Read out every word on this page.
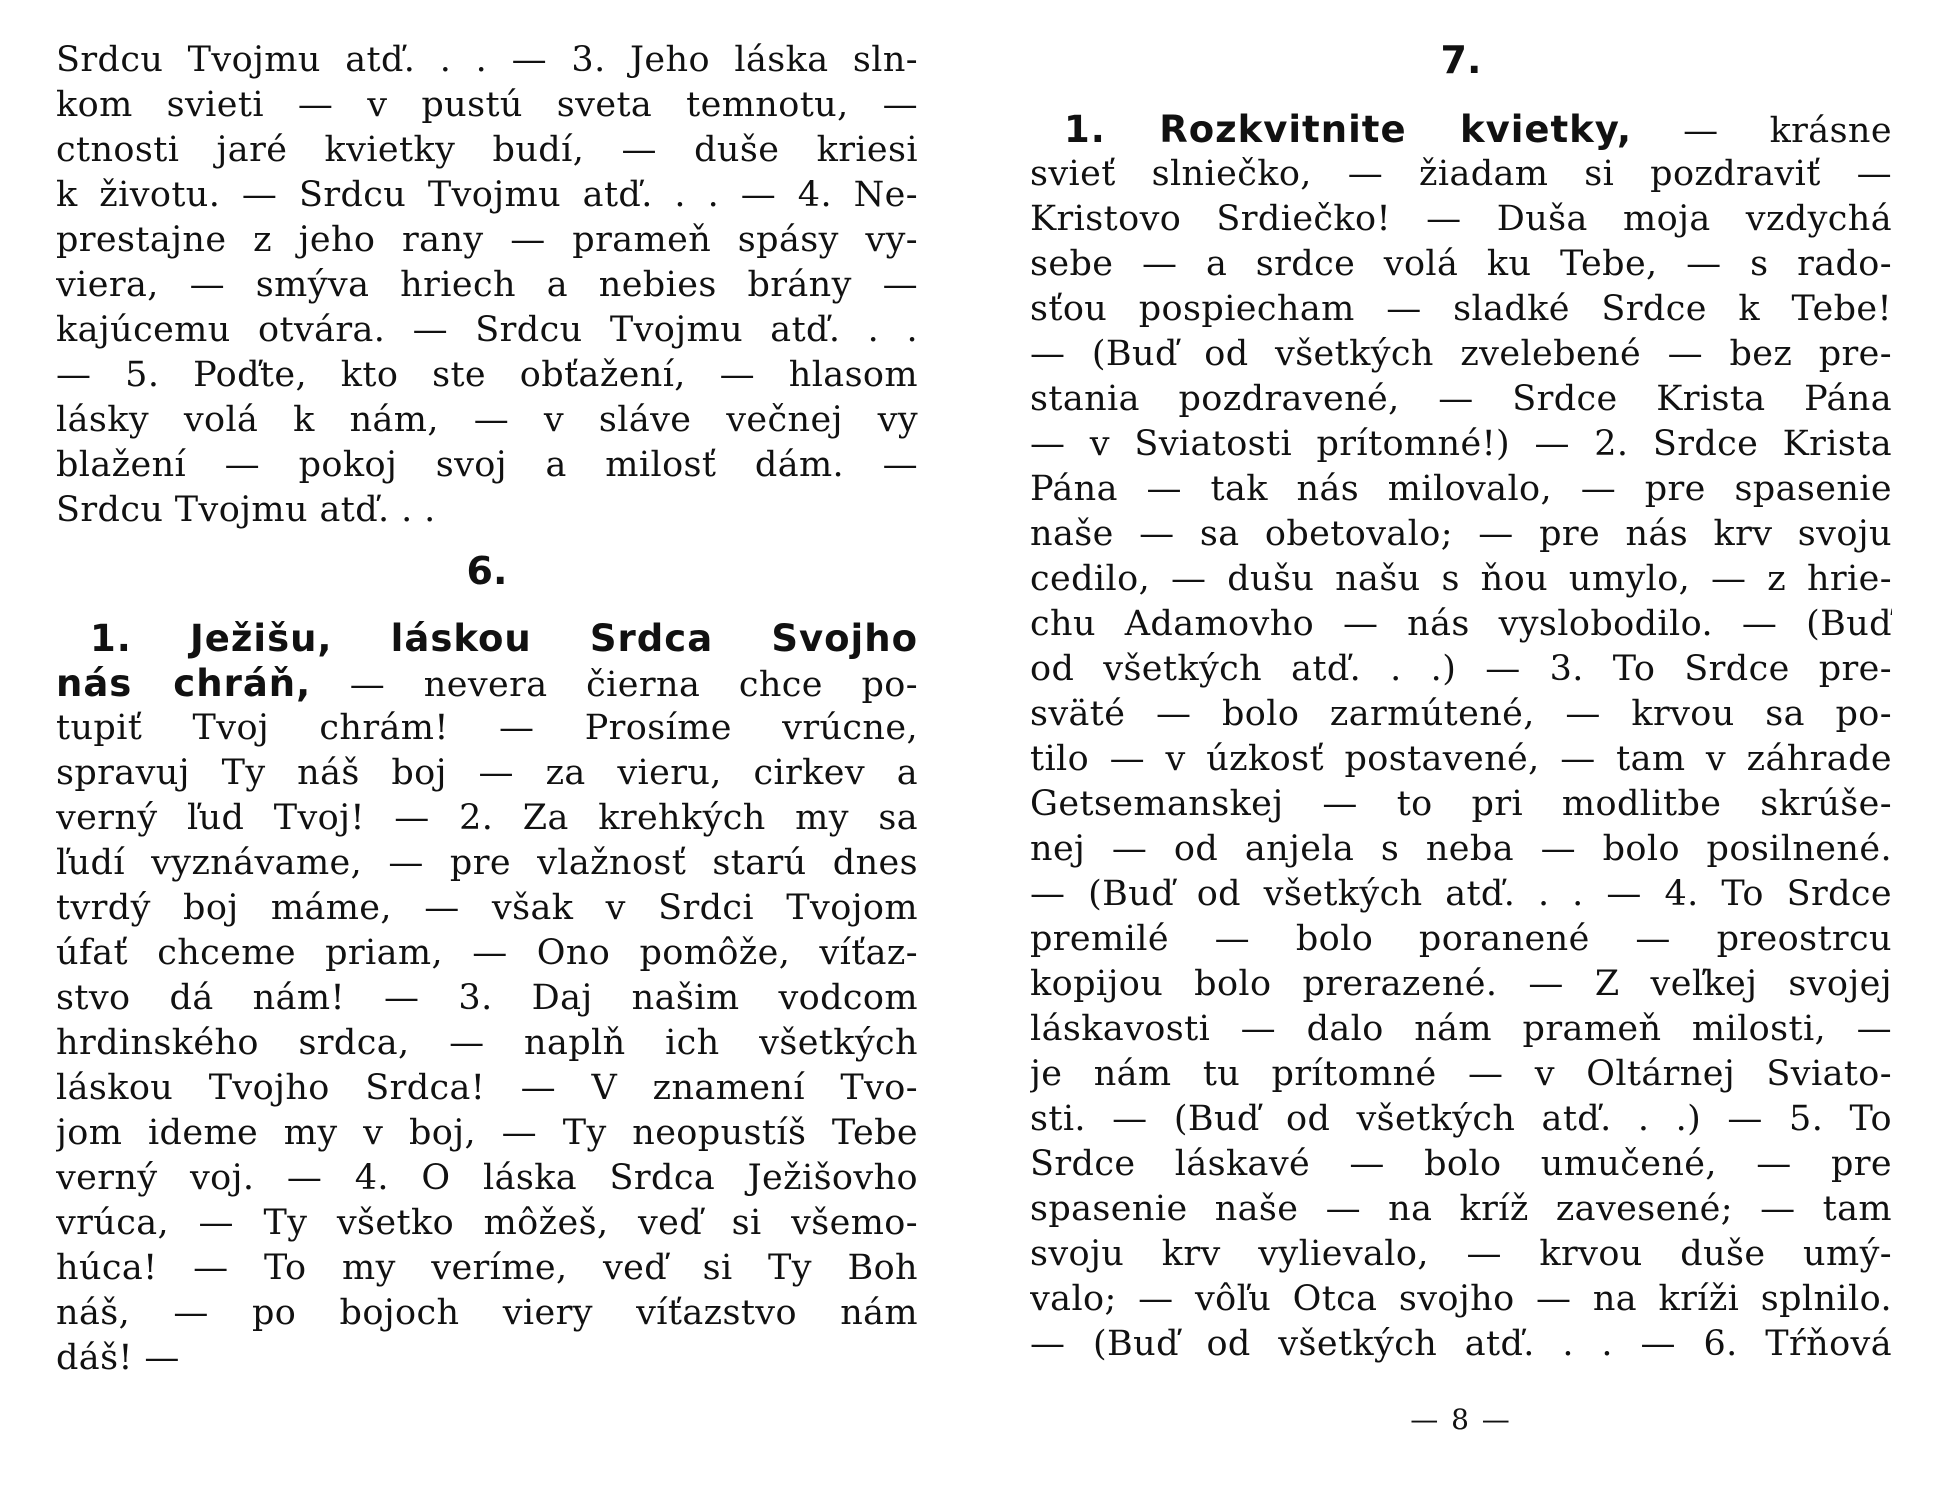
Srdcu Tvojmu atď. . . — 3. Jeho láska sln-
kom svieti — v pustú sveta temnotu, —
ctnosti jaré kvietky budí, — duše kriesi
k životu. — Srdcu Tvojmu atď. . . — 4. Ne-
prestajne z jeho rany — prameň spásy vy-
viera, — smýva hriech a nebies brány —
kajúcemu otvára. — Srdcu Tvojmu atď. . .
— 5. Poďte, kto ste obťažení, — hlasom
lásky volá k nám, — v sláve večnej vy
blažení — pokoj svoj a milosť dám. —
Srdcu Tvojmu atď. . .
6.
1. Ježišu, láskou Srdca Svojho
nás chráň, — nevera čierna chce po-
tupiť Tvoj chrám! — Prosíme vrúcne,
spravuj Ty náš boj — za vieru, cirkev a
verný ľud Tvoj! — 2. Za krehkých my sa
ľudí vyznávame, — pre vlažnosť starú dnes
tvrdý boj máme, — však v Srdci Tvojom
úfať chceme priam, — Ono pomôže, víťaz-
stvo dá nám! — 3. Daj našim vodcom
hrdinského srdca, — naplň ich všetkých
láskou Tvojho Srdca! — V znamení Tvo-
jom ideme my v boj, — Ty neopustíš Tebe
verný voj. — 4. O láska Srdca Ježišovho
vrúca, — Ty všetko môžeš, veď si všemo-
húca! — To my veríme, veď si Ty Boh
náš, — po bojoch viery víťazstvo nám
dáš! —
7.
1. Rozkvitnite kvietky, — krásne
svieť slniečko, — žiadam si pozdraviť —
Kristovo Srdiečko! — Duša moja vzdychá
sebe — a srdce volá ku Tebe, — s rado-
sťou pospiecham — sladké Srdce k Tebe!
— (Buď od všetkých zvelebené — bez pre-
stania pozdravené, — Srdce Krista Pána
— v Sviatosti prítomné!) — 2. Srdce Krista
Pána — tak nás milovalo, — pre spasenie
naše — sa obetovalo; — pre nás krv svoju
cedilo, — dušu našu s ňou umylo, — z hrie-
chu Adamovho — nás vyslobodilo. — (Buď
od všetkých atď. . .) — 3. To Srdce pre-
sväté — bolo zarmútené, — krvou sa po-
tilo — v úzkosť postavené, — tam v záhrade
Getsemanskej — to pri modlitbe skrúše-
nej — od anjela s neba — bolo posilnené.
— (Buď od všetkých atď. . . — 4. To Srdce
premilé — bolo poranené — preostrcu
kopijou bolo prerazené. — Z veľkej svojej
láskavosti — dalo nám prameň milosti, —
je nám tu prítomné — v Oltárnej Sviato-
sti. — (Buď od všetkých atď. . .) — 5. To
Srdce láskavé — bolo umučené, — pre
spasenie naše — na kríž zavesené; — tam
svoju krv vylievalo, — krvou duše umý-
valo; — vôľu Otca svojho — na kríži splnilo.
— (Buď od všetkých atď. . . — 6. Tŕňová
— 8 —
